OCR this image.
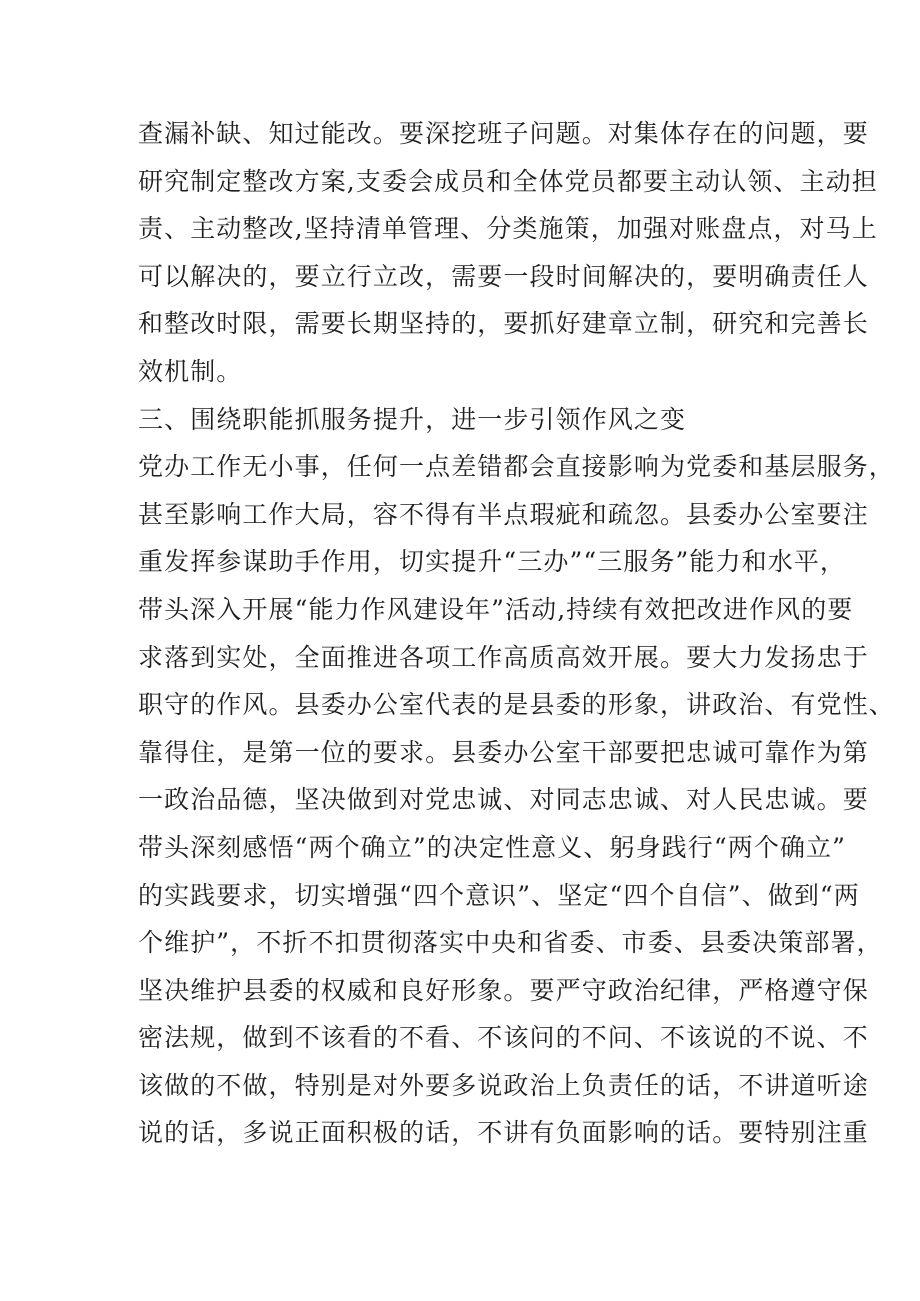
查漏补缺、知过能改。要深挖班子问题。对集体存在的问题，要
研究制定整改方案,支委会成员和全体党员都要主动认领、主动担
责、主动整改,坚持清单管理、分类施策，加强对账盘点，对马上
可以解决的，要立行立改，需要一段时间解决的，要明确责任人
和整改时限，需要长期坚持的，要抓好建章立制，研究和完善长
效机制。
三、围绕职能抓服务提升，进一步引领作风之变
党办工作无小事，任何一点差错都会直接影响为党委和基层服务，
甚至影响工作大局，容不得有半点瑕疵和疏忽。县委办公室要注
重发挥参谋助手作用，切实提升“三办”“三服务”能力和水平，
带头深入开展“能力作风建设年”活动,持续有效把改进作风的要
求落到实处，全面推进各项工作高质高效开展。要大力发扬忠于
职守的作风。县委办公室代表的是县委的形象，讲政治、有党性、
靠得住，是第一位的要求。县委办公室干部要把忠诚可靠作为第
一政治品德，坚决做到对党忠诚、对同志忠诚、对人民忠诚。要
带头深刻感悟“两个确立”的决定性意义、躬身践行“两个确立”
的实践要求，切实增强“四个意识”、坚定“四个自信”、做到“两
个维护”，不折不扣贯彻落实中央和省委、市委、县委决策部署，
坚决维护县委的权威和良好形象。要严守政治纪律，严格遵守保
密法规，做到不该看的不看、不该问的不问、不该说的不说、不
该做的不做，特别是对外要多说政治上负责任的话，不讲道听途
说的话，多说正面积极的话，不讲有负面影响的话。要特别注重
